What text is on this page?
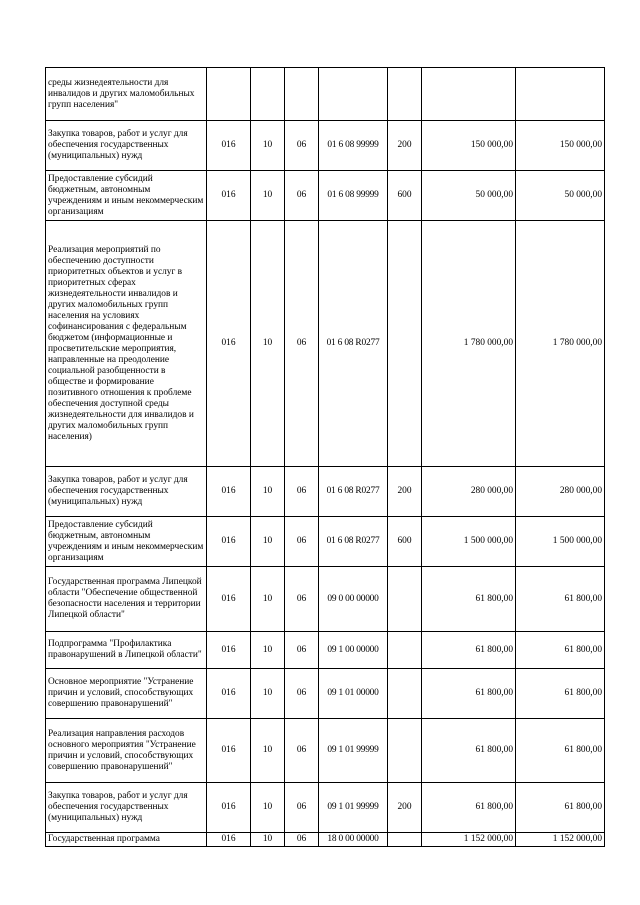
среды жизнедеятельности для инвалидов и других маломобильных групп населения"							
Закупка товаров, работ и услуг для обеспечения государственных (муниципальных) нужд	016	10	06	01 6 08 99999	200	150 000,00	150 000,00
Предоставление субсидий бюджетным, автономным учреждениям и иным некоммерческим организациям	016	10	06	01 6 08 99999	600	50 000,00	50 000,00
Реализация мероприятий по обеспечению доступности приоритетных объектов и услуг в приоритетных сферах жизнедеятельности инвалидов и других маломобильных групп населения на условиях софинансирования с федеральным бюджетом (информационные и просветительские мероприятия, направленные на преодоление социальной разобщенности в обществе и формирование позитивного отношения к проблеме обеспечения доступной среды жизнедеятельности для инвалидов и других маломобильных групп населения)	016	10	06	01 6 08 R0277		1 780 000,00	1 780 000,00
Закупка товаров, работ и услуг для обеспечения государственных (муниципальных) нужд	016	10	06	01 6 08 R0277	200	280 000,00	280 000,00
Предоставление субсидий бюджетным, автономным учреждениям и иным некоммерческим организациям	016	10	06	01 6 08 R0277	600	1 500 000,00	1 500 000,00
Государственная программа Липецкой области "Обеспечение общественной безопасности населения и территории Липецкой области"	016	10	06	09 0 00 00000		61 800,00	61 800,00
Подпрограмма "Профилактика правонарушений в Липецкой области"	016	10	06	09 1 00 00000		61 800,00	61 800,00
Основное мероприятие "Устранение причин и условий, способствующих совершению правонарушений"	016	10	06	09 1 01 00000		61 800,00	61 800,00
Реализация направления расходов основного мероприятия "Устранение причин и условий, способствующих совершению правонарушений"	016	10	06	09 1 01 99999		61 800,00	61 800,00
Закупка товаров, работ и услуг для обеспечения государственных (муниципальных) нужд	016	10	06	09 1 01 99999	200	61 800,00	61 800,00
Государственная программа	016	10	06	18 0 00 00000		1 152 000,00	1 152 000,00
